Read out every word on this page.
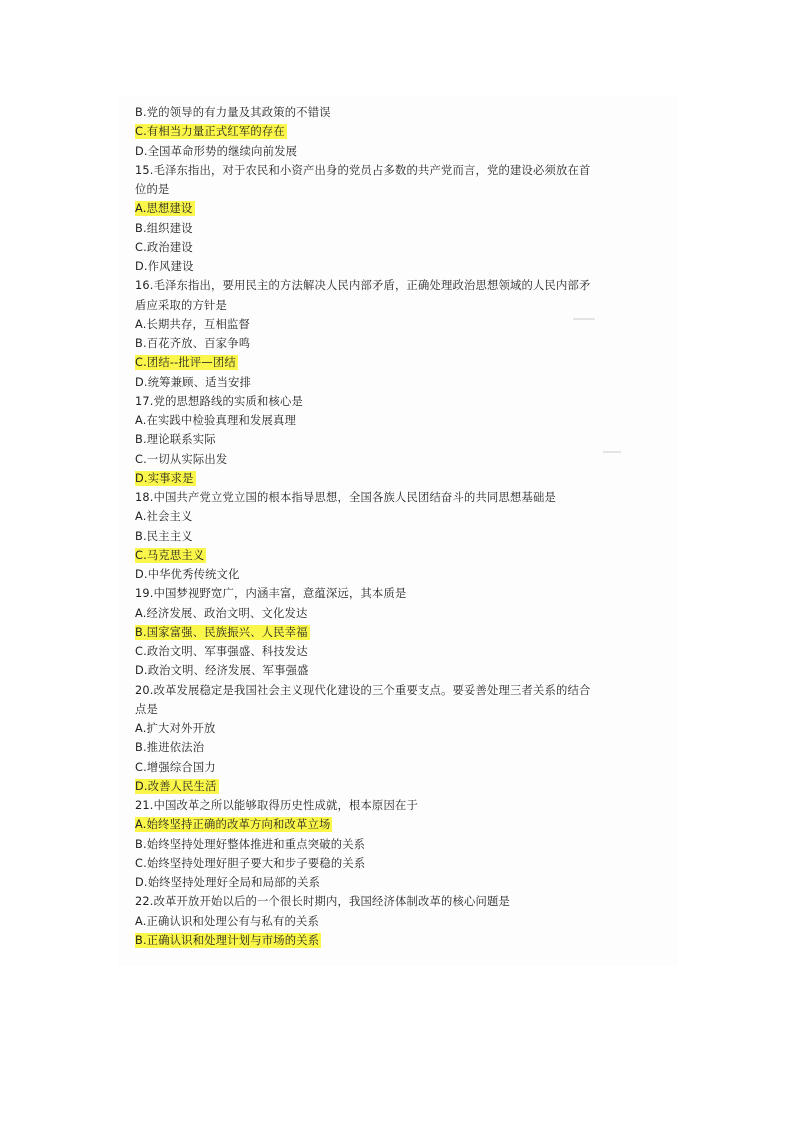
B.党的领导的有力量及其政策的不错误
C.有相当力量正式红军的存在
D.全国革命形势的继续向前发展
15.毛泽东指出，对于农民和小资产出身的党员占多数的共产党而言，党的建设必须放在首
位的是
A.思想建设
B.组织建设
C.政治建设
D.作风建设
16.毛泽东指出，要用民主的方法解决人民内部矛盾，正确处理政治思想领域的人民内部矛
盾应采取的方针是
A.长期共存，互相监督
B.百花齐放、百家争鸣
C.团结--批评—团结
D.统筹兼顾、适当安排
17.党的思想路线的实质和核心是
A.在实践中检验真理和发展真理
B.理论联系实际
C.一切从实际出发
D.实事求是
18.中国共产党立党立国的根本指导思想，全国各族人民团结奋斗的共同思想基础是
A.社会主义
B.民主主义
C.马克思主义
D.中华优秀传统文化
19.中国梦视野宽广，内涵丰富，意蕴深远，其本质是
A.经济发展、政治文明、文化发达
B.国家富强、民族振兴、人民幸福
C.政治文明、军事强盛、科技发达
D.政治文明、经济发展、军事强盛
20.改革发展稳定是我国社会主义现代化建设的三个重要支点。要妥善处理三者关系的结合
点是
A.扩大对外开放
B.推进依法治
C.增强综合国力
D.改善人民生活
21.中国改革之所以能够取得历史性成就，根本原因在于
A.始终坚持正确的改革方向和改革立场
B.始终坚持处理好整体推进和重点突破的关系
C.始终坚持处理好胆子要大和步子要稳的关系
D.始终坚持处理好全局和局部的关系
22.改革开放开始以后的一个很长时期内，我国经济体制改革的核心问题是
A.正确认识和处理公有与私有的关系
B.正确认识和处理计划与市场的关系
